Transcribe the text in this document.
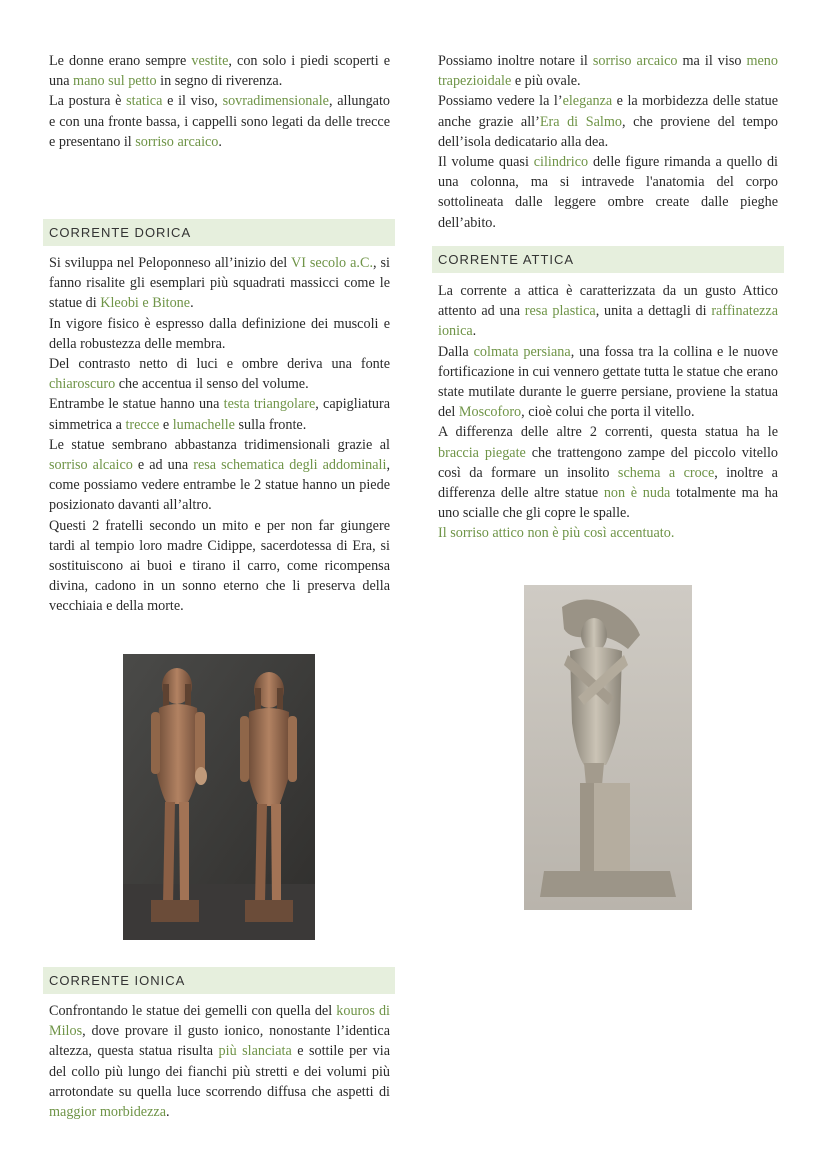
Le donne erano sempre vestite, con solo i piedi scoperti e una mano sul petto in segno di riverenza.

La postura è statica e il viso, sovradimensionale, allungato e con una fronte bassa, i cappelli sono legati da delle trecce e presentano il sorriso arcaico.

CORRENTE DORICA

Si sviluppa nel Peloponneso all’inizio del VI secolo a.C., si fanno risalite gli esemplari più squadrati massicci come le statue di Kleobi e Bitone.

In vigore fisico è espresso dalla definizione dei muscoli e della robustezza delle membra.

Del contrasto netto di luci e ombre deriva una fonte chiaroscuro che accentua il senso del volume.

Entrambe le statue hanno una testa triangolare, capigliatura simmetrica a trecce e lumachelle sulla fronte.

Le statue sembrano abbastanza tridimensionali grazie al sorriso alcaico e ad una resa schematica degli addominali, come possiamo vedere entrambe le 2 statue hanno un piede posizionato davanti all’altro.

Questi 2 fratelli secondo un mito e per non far giungere tardi al tempio loro madre Cidippe, sacerdotessa di Era, si sostituiscono ai buoi e tirano il carro, come ricompensa divina, cadono in un sonno eterno che li preserva della vecchiaia e della morte.

CORRENTE IONICA

Confrontando le statue dei gemelli con quella del kouros di Milos, dove provare il gusto ionico, nonostante l’identica altezza, questa statua risulta più slanciata e sottile per via del collo più lungo dei fianchi più stretti e dei volumi più arrotondate su quella luce scorrendo diffusa che aspetti di maggior morbidezza.

Possiamo inoltre notare il sorriso arcaico ma il viso meno trapezioidale e più ovale.

Possiamo vedere la l’eleganza e la morbidezza delle statue anche grazie all’Era di Salmo, che proviene del tempo dell’isola dedicatario alla dea.

Il volume quasi cilindrico delle figure rimanda a quello di una colonna, ma si intravede l'anatomia del corpo sottolineata dalle leggere ombre create dalle pieghe dell’abito.

CORRENTE ATTICA

La corrente a attica è caratterizzata da un gusto Attico attento ad una resa plastica, unita a dettagli di raffinatezza ionica.

Dalla colmata persiana, una fossa tra la collina e le nuove fortificazione in cui vennero gettate tutta le statue che erano state mutilate durante le guerre persiane, proviene la statua del Moscoforo, cioè colui che porta il vitello.

A differenza delle altre 2 correnti, questa statua ha le braccia piegate che trattengono zampe del piccolo vitello così da formare un insolito schema a croce, inoltre a differenza delle altre statue non è nuda totalmente ma ha uno scialle che gli copre le spalle.

Il sorriso attico non è più così accentuato.
